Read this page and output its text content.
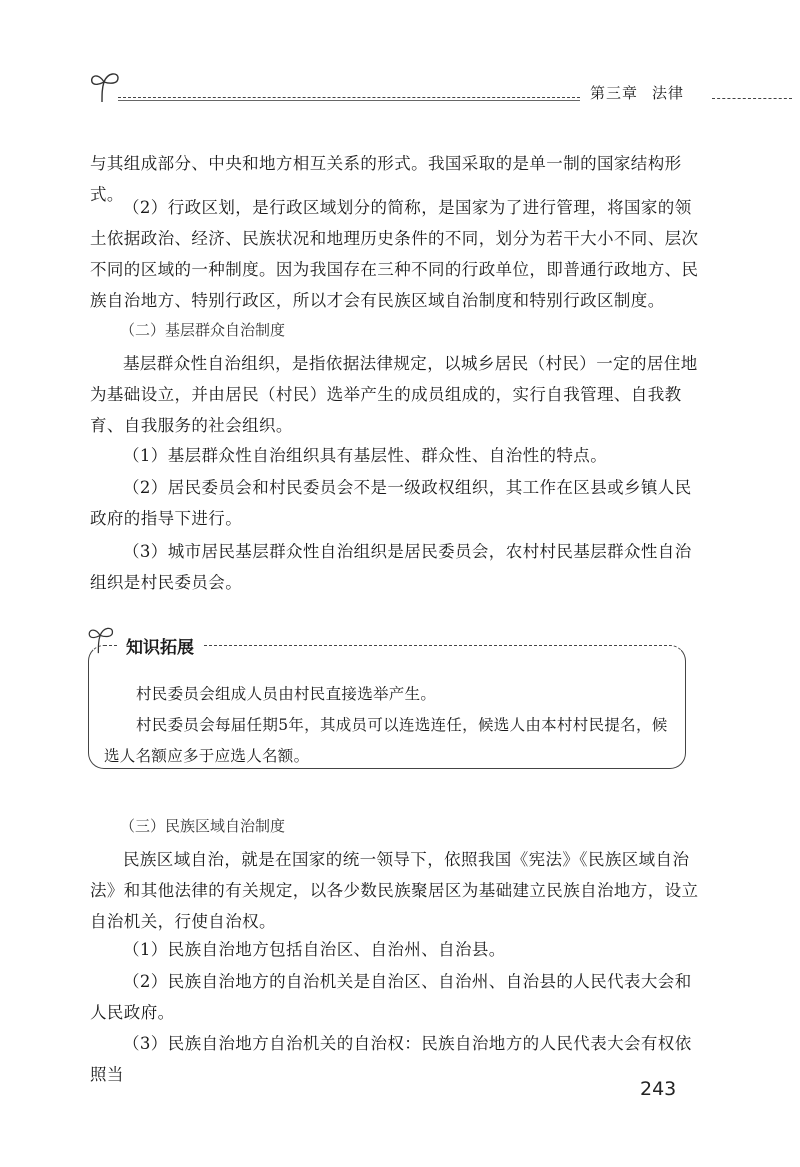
第三章 法律
与其组成部分、中央和地方相互关系的形式。我国采取的是单一制的国家结构形式。
（2）行政区划，是行政区域划分的简称，是国家为了进行管理，将国家的领土依据政治、经济、民族状况和地理历史条件的不同，划分为若干大小不同、层次不同的区域的一种制度。因为我国存在三种不同的行政单位，即普通行政地方、民族自治地方、特别行政区，所以才会有民族区域自治制度和特别行政区制度。
（二）基层群众自治制度
基层群众性自治组织，是指依据法律规定，以城乡居民（村民）一定的居住地为基础设立，并由居民（村民）选举产生的成员组成的，实行自我管理、自我教育、自我服务的社会组织。
（1）基层群众性自治组织具有基层性、群众性、自治性的特点。
（2）居民委员会和村民委员会不是一级政权组织，其工作在区县或乡镇人民政府的指导下进行。
（3）城市居民基层群众性自治组织是居民委员会，农村村民基层群众性自治组织是村民委员会。
知识拓展
村民委员会组成人员由村民直接选举产生。
村民委员会每届任期5年，其成员可以连选连任，候选人由本村村民提名，候选人名额应多于应选人名额。
（三）民族区域自治制度
民族区域自治，就是在国家的统一领导下，依照我国《宪法》《民族区域自治法》和其他法律的有关规定，以各少数民族聚居区为基础建立民族自治地方，设立自治机关，行使自治权。
（1）民族自治地方包括自治区、自治州、自治县。
（2）民族自治地方的自治机关是自治区、自治州、自治县的人民代表大会和人民政府。
（3）民族自治地方自治机关的自治权：民族自治地方的人民代表大会有权依照当
243
